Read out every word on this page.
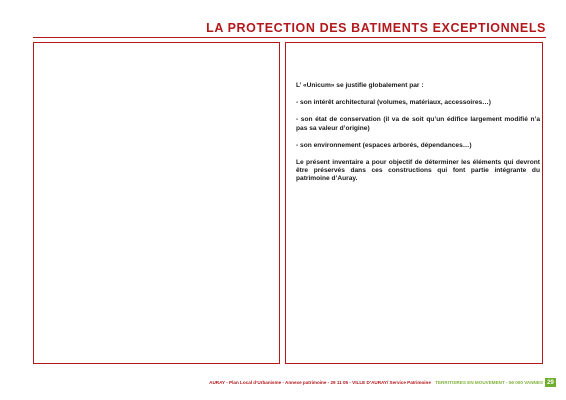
LA PROTECTION DES BATIMENTS EXCEPTIONNELS

L’ «Unicum» se justifie globalement par :

- son intérêt architectural (volumes, matériaux, accessoires…)

- son état de conservation (il va de soit qu’un édifice largement modifié n’a pas sa valeur d’origine)

- son environnement (espaces arborés, dépendances…)

Le présent inventaire a pour objectif de déterminer les éléments qui devront être préservés dans ces constructions qui font partie intégrante du patrimoine d’Auray.

AURAY - Plan Local d’Urbanisme - Annexe patrimoine - 29 11 05 - VILLE D’AURAY/ Service Patrimoine TERRITOIRES EN MOUVEMENT - 56 000 VANNES 29
